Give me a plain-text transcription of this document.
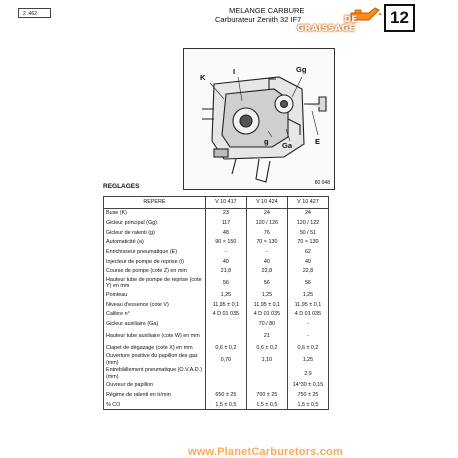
2 .462	MELANGE CARBURE
Carburateur Zenith 32 IF7	DE
GRAISSAGE
12
K
I	Gg
g Ga	E
80 048
REGLAGES
REPERE	V 10 417	V 10 424	V 10 427
Buse (K)	23	24	24
Gicleur principal (Gg)	117	120 / 126	120 / 122
Gicleur de ralenti (g)	48	76	50 / 51
Automaticité (a)	90 × 150	70 × 130	70 × 130
Enrichisseur pneumatique (E)	-	-	62
Injecteur de pompe de reprise (i)	40	40	40
Course de pompe (cote Z) en mm	21,8	22,8	22,8
Hauteur tube de pompe de reprise (cote Y) en mm	56	56	56
Pointeau	1,25	1,25	1,25
Niveau d'essence (cote V)	11,95 ± 0,1	11,95 ± 0,1	11,95 ± 0,1
Calibre n°	4 D 01 035	4 D 01 035	4 D 01 035
Gicleur auxiliaire (Ga)		70 / 80	-
Hauteur tube auxiliaire (cote W) en mm		21	-
Clapet de dégazage (cote X) en mm	0,6 ± 0,2	0,6 ± 0,2	0,6 ± 0,2
Ouverture positive du papillon des gaz (mm)	0,70	1,10	1,25
Entrebâillement pneumatique (O.V.A.D.) (mm)			2,9
Ouvreur de papillon			14°30 ± 0,15
Régime de ralenti en tr/min	650 ± 25	700 ± 25	750 ± 25
% CO	1,5 ± 0,5	1,5 ± 0,5	1,5 ± 0,5
www.PlanetCarburetors.com
